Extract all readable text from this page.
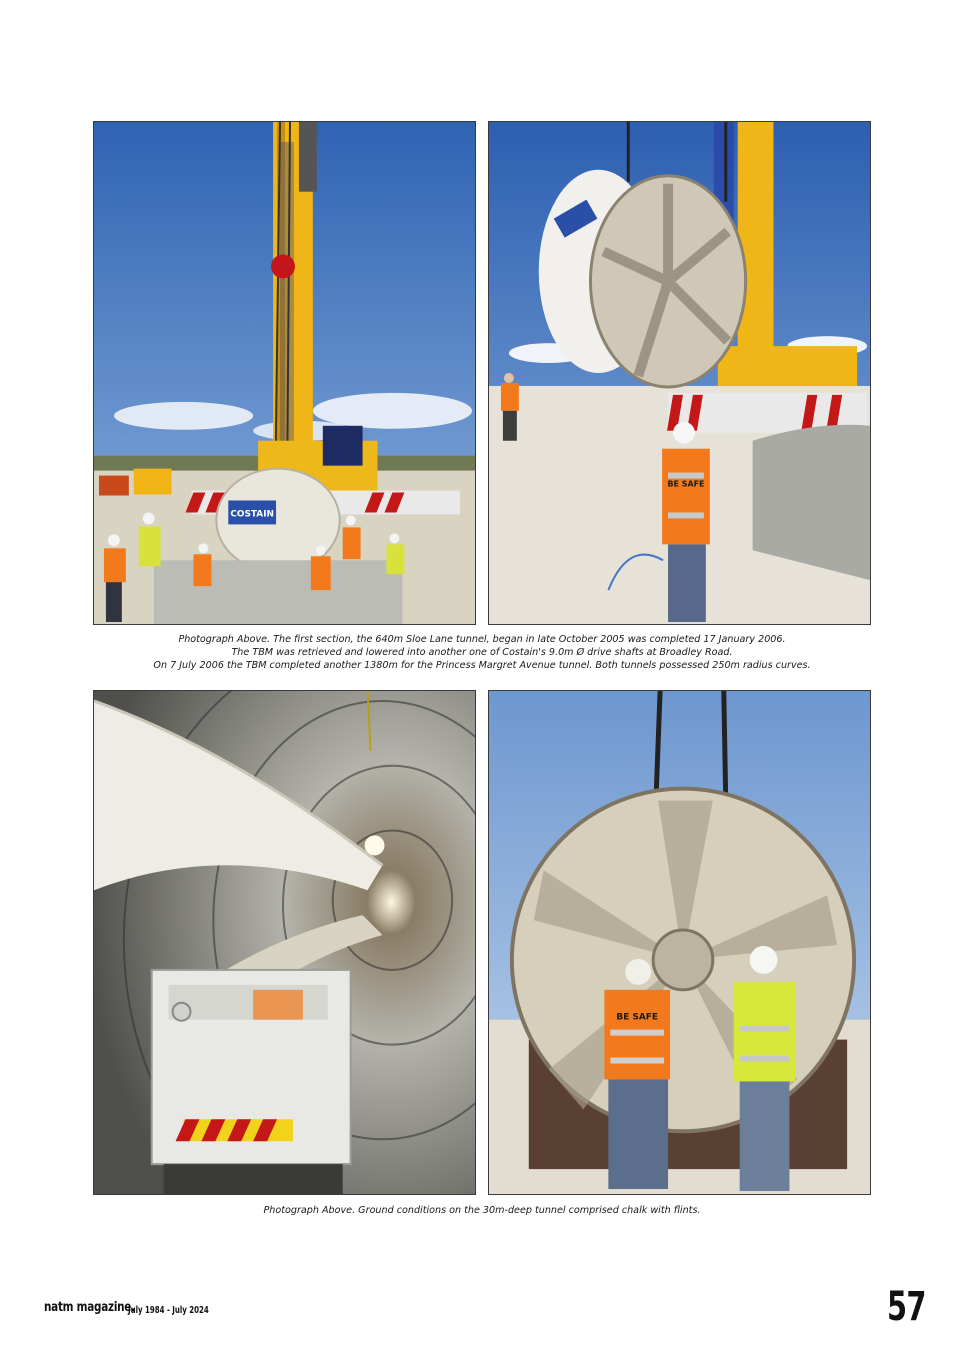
COSTAIN
BE SAFE
Photograph Above. The first section, the 640m Sloe Lane tunnel, began in late October 2005 was completed 17 January 2006.
The TBM was retrieved and lowered into another one of Costain's 9.0m Ø drive shafts at Broadley Road.
On 7 July 2006 the TBM completed another 1380m for the Princess Margret Avenue tunnel. Both tunnels possessed 250m radius curves.
BE SAFE
Photograph Above. Ground conditions on the 30m-deep tunnel comprised chalk with flints.
natm magazine.
July 1984 - July 2024	57
